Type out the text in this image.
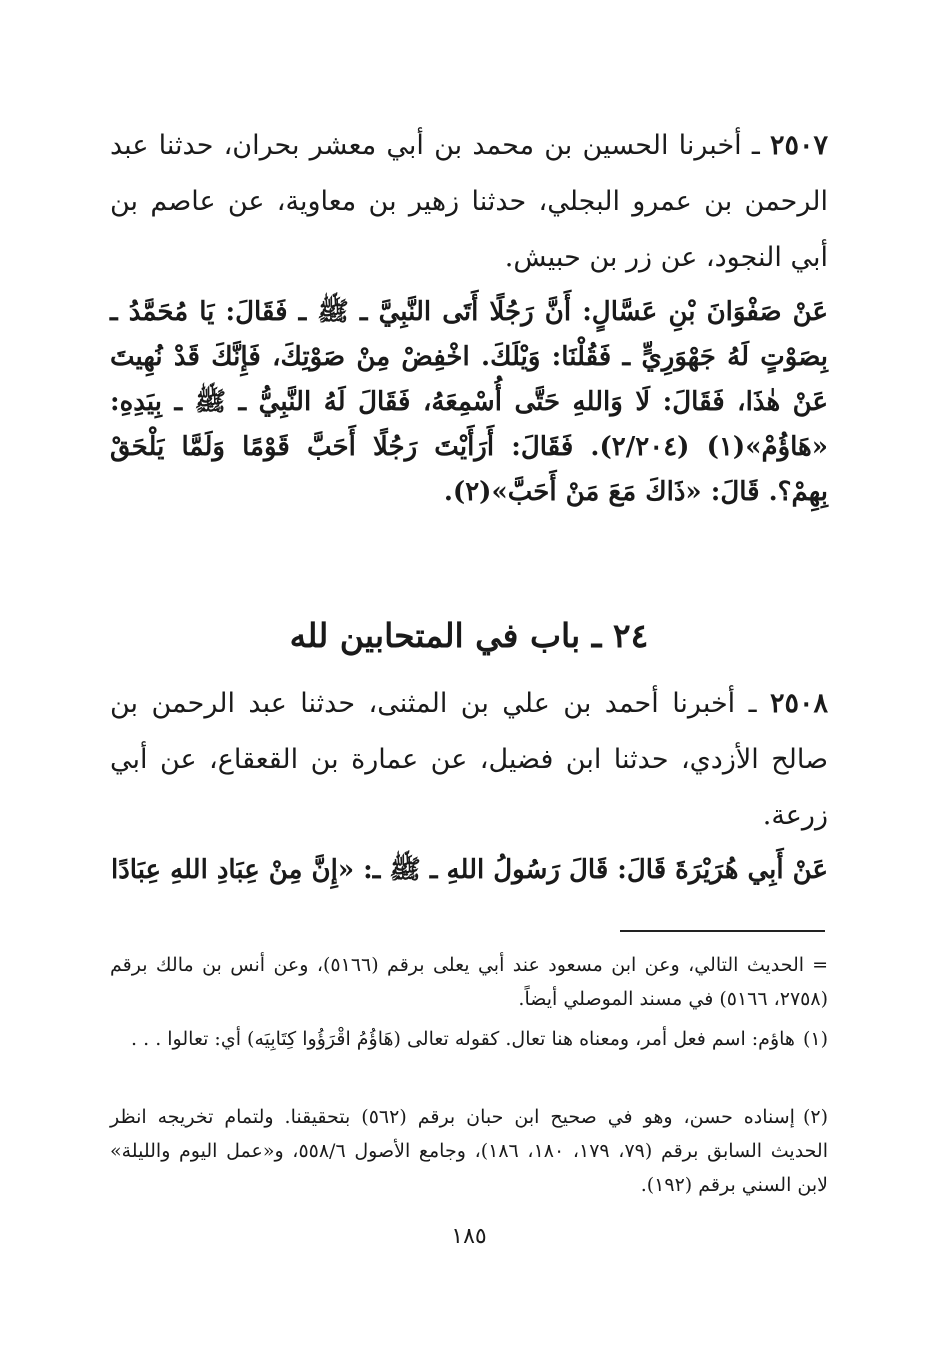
٢٥٠٧ ـ أخبرنا الحسين بن محمد بن أبي معشر بحران، حدثنا عبد الرحمن بن عمرو البجلي، حدثنا زهير بن معاوية، عن عاصم بن أبي النجود، عن زر بن حبيش.
عَنْ صَفْوَانَ بْنِ عَسَّالٍ: أَنَّ رَجُلًا أَتَى النَّبِيَّ ـ ﷺ ـ فَقَالَ: يَا مُحَمَّدُ ـ بِصَوْتٍ لَهُ جَهْوَرِيٍّ ـ فَقُلْنَا: وَيْلَكَ. اخْفِضْ مِنْ صَوْتِكَ، فَإِنَّكَ قَدْ نُهِيتَ عَنْ هٰذَا، فَقَالَ: لَا وَاللهِ حَتَّى أُسْمِعَهُ، فَقَالَ لَهُ النَّبِيُّ ـ ﷺ ـ بِيَدِهِ: «هَاؤُمْ»(١) (٢/٢٠٤). فَقَالَ: أَرَأَيْتَ رَجُلًا أَحَبَّ قَوْمًا وَلَمَّا يَلْحَقْ بِهِمْ؟. قَالَ: «ذَاكَ مَعَ مَنْ أَحَبَّ»(٢).
٢٤ ـ باب في المتحابين لله
٢٥٠٨ ـ أخبرنا أحمد بن علي بن المثنى، حدثنا عبد الرحمن بن صالح الأزدي، حدثنا ابن فضيل، عن عمارة بن القعقاع، عن أبي زرعة.
عَنْ أَبِي هُرَيْرَةَ قَالَ: قَالَ رَسُولُ اللهِ ـ ﷺ ـ: «إِنَّ مِنْ عِبَادِ اللهِ عِبَادًا
=الحديث التالي، وعن ابن مسعود عند أبي يعلى برقم (٥١٦٦)، وعن أنس بن مالك برقم (٢٧٥٨، ٥١٦٦) في مسند الموصلي أيضاً.
(١)هاؤم: اسم فعل أمر، ومعناه هنا تعال. كقوله تعالى (هَاؤُمُ اقْرَؤُوا كِتَابِيَه) أي: تعالوا . . .
(٢)إسناده حسن، وهو في صحيح ابن حبان برقم (٥٦٢) بتحقيقنا. ولتمام تخريجه انظر الحديث السابق برقم (٧٩، ١٧٩، ١٨٠، ١٨٦)، وجامع الأصول ٥٥٨/٦، و«عمل اليوم والليلة» لابن السني برقم (١٩٢).
١٨٥
